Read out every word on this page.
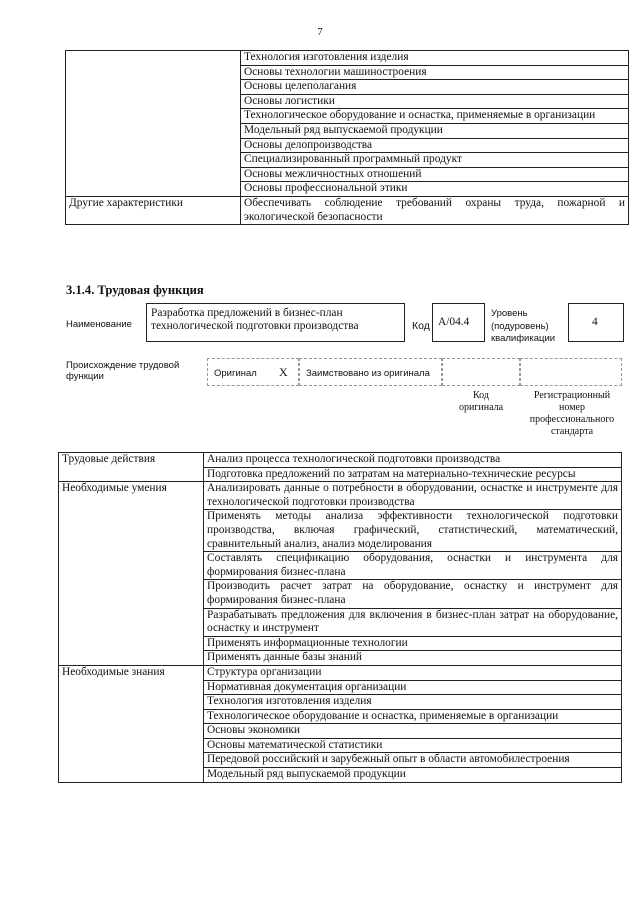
7
	Технология изготовления изделия
	Основы технологии машиностроения
	Основы целеполагания
	Основы логистики
	Технологическое оборудование и оснастка, применяемые в организации
	Модельный ряд выпускаемой продукции
	Основы делопроизводства
	Специализированный программный продукт
	Основы межличностных отношений
	Основы профессиональной этики
Другие характеристики	Обеспечивать соблюдение требований охраны труда, пожарной и экологической безопасности
3.1.4. Трудовая функция
Наименование
Разработка предложений в бизнес-план технологической подготовки производства	Код A/04.4
Уровень (подуровень) квалификации
4
Происхождение трудовой функции	Оригинал X Заимствовано из оригинала
Код оригинала
Регистрационный номер профессионального стандарта
Трудовые действия	Анализ процесса технологической подготовки производства
	Подготовка предложений по затратам на материально-технические ресурсы
Необходимые умения	Анализировать данные о потребности в оборудовании, оснастке и инструменте для технологической подготовки производства
	Применять методы анализа эффективности технологической подготовки производства, включая графический, статистический, математический, сравнительный анализ, анализ моделирования
	Составлять спецификацию оборудования, оснастки и инструмента для формирования бизнес-плана
	Производить расчет затрат на оборудование, оснастку и инструмент для формирования бизнес-плана
	Разрабатывать предложения для включения в бизнес-план затрат на оборудование, оснастку и инструмент
	Применять информационные технологии
	Применять данные базы знаний
Необходимые знания	Структура организации
	Нормативная документация организации
	Технология изготовления изделия
	Технологическое оборудование и оснастка, применяемые в организации
	Основы экономики
	Основы математической статистики
	Передовой российский и зарубежный опыт в области автомобилестроения
	Модельный ряд выпускаемой продукции
